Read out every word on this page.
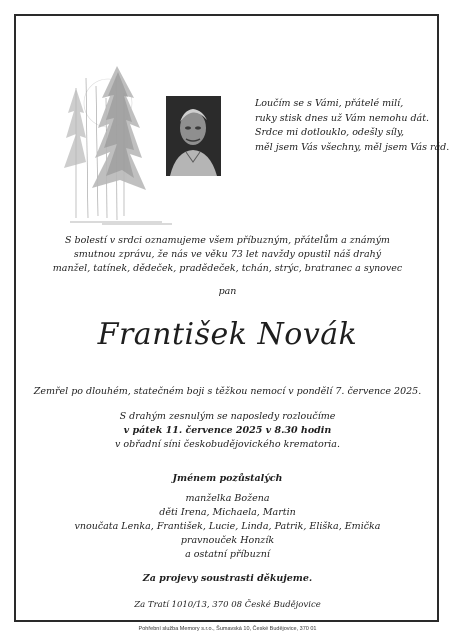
Loučím se s Vámi, přátelé milí,
ruky stisk dnes už Vám nemohu dát.
Srdce mi dotlouklo, odešly síly,
měl jsem Vás všechny, měl jsem Vás rád.
S bolestí v srdci oznamujeme všem příbuzným, přátelům a známým
smutnou zprávu, že nás ve věku 73 let navždy opustil náš drahý
manžel, tatínek, dědeček, pradědeček, tchán, strýc, bratranec a synovec
pan
František Novák
Zemřel po dlouhém, statečném boji s těžkou nemocí v pondělí 7. července 2025.
S drahým zesnulým se naposledy rozloučíme
v pátek 11. července 2025 v 8.30 hodin
v obřadní síni českobudějovického krematoria.
Jménem pozůstalých
manželka Božena
děti Irena, Michaela, Martin
vnoučata Lenka, František, Lucie, Linda, Patrik, Eliška, Emička
pravnouček Honzík
a ostatní příbuzní
Za projevy soustrasti děkujeme.
Za Tratí 1010/13, 370 08 České Budějovice
Pohřební služba Memory s.r.o., Šumavská 10, České Budějovice, 370 01
